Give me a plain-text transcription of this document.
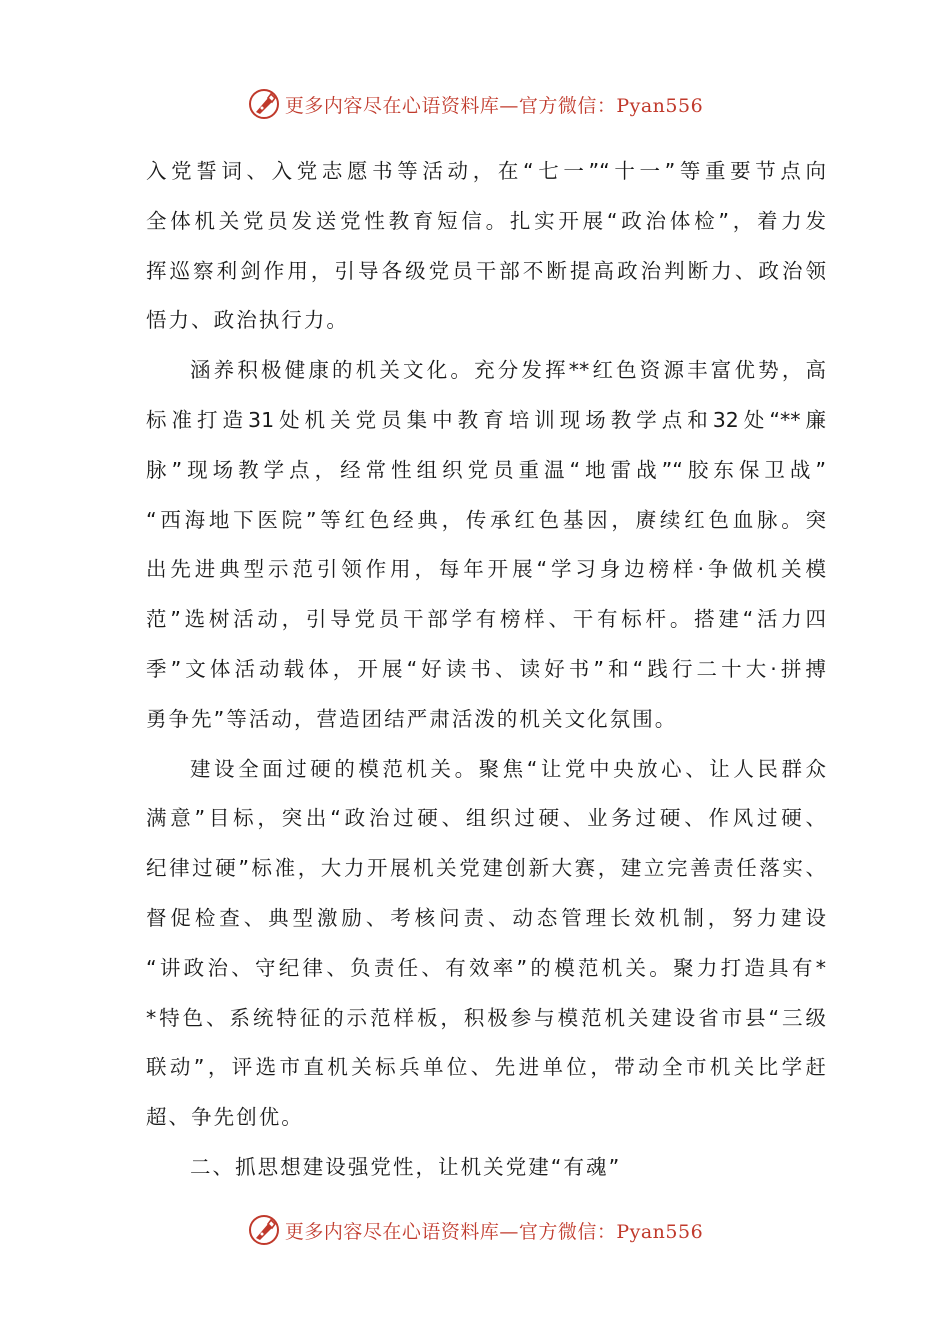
更多内容尽在心语资料库—官方微信：Pyan556
入党誓词、入党志愿书等活动，在“七一”“十一”等重要节点向
全体机关党员发送党性教育短信。扎实开展“政治体检”，着力发
挥巡察利剑作用，引导各级党员干部不断提高政治判断力、政治领
悟力、政治执行力。
涵养积极健康的机关文化。充分发挥**红色资源丰富优势，高
标准打造31处机关党员集中教育培训现场教学点和32处“**廉
脉”现场教学点，经常性组织党员重温“地雷战”“胶东保卫战”
“西海地下医院”等红色经典，传承红色基因，赓续红色血脉。突
出先进典型示范引领作用，每年开展“学习身边榜样·争做机关模
范”选树活动，引导党员干部学有榜样、干有标杆。搭建“活力四
季”文体活动载体，开展“好读书、读好书”和“践行二十大·拼搏
勇争先”等活动，营造团结严肃活泼的机关文化氛围。
建设全面过硬的模范机关。聚焦“让党中央放心、让人民群众
满意”目标，突出“政治过硬、组织过硬、业务过硬、作风过硬、
纪律过硬”标准，大力开展机关党建创新大赛，建立完善责任落实、
督促检查、典型激励、考核问责、动态管理长效机制，努力建设
“讲政治、守纪律、负责任、有效率”的模范机关。聚力打造具有*
*特色、系统特征的示范样板，积极参与模范机关建设省市县“三级
联动”，评选市直机关标兵单位、先进单位，带动全市机关比学赶
超、争先创优。
二、抓思想建设强党性，让机关党建“有魂”
更多内容尽在心语资料库—官方微信：Pyan556
